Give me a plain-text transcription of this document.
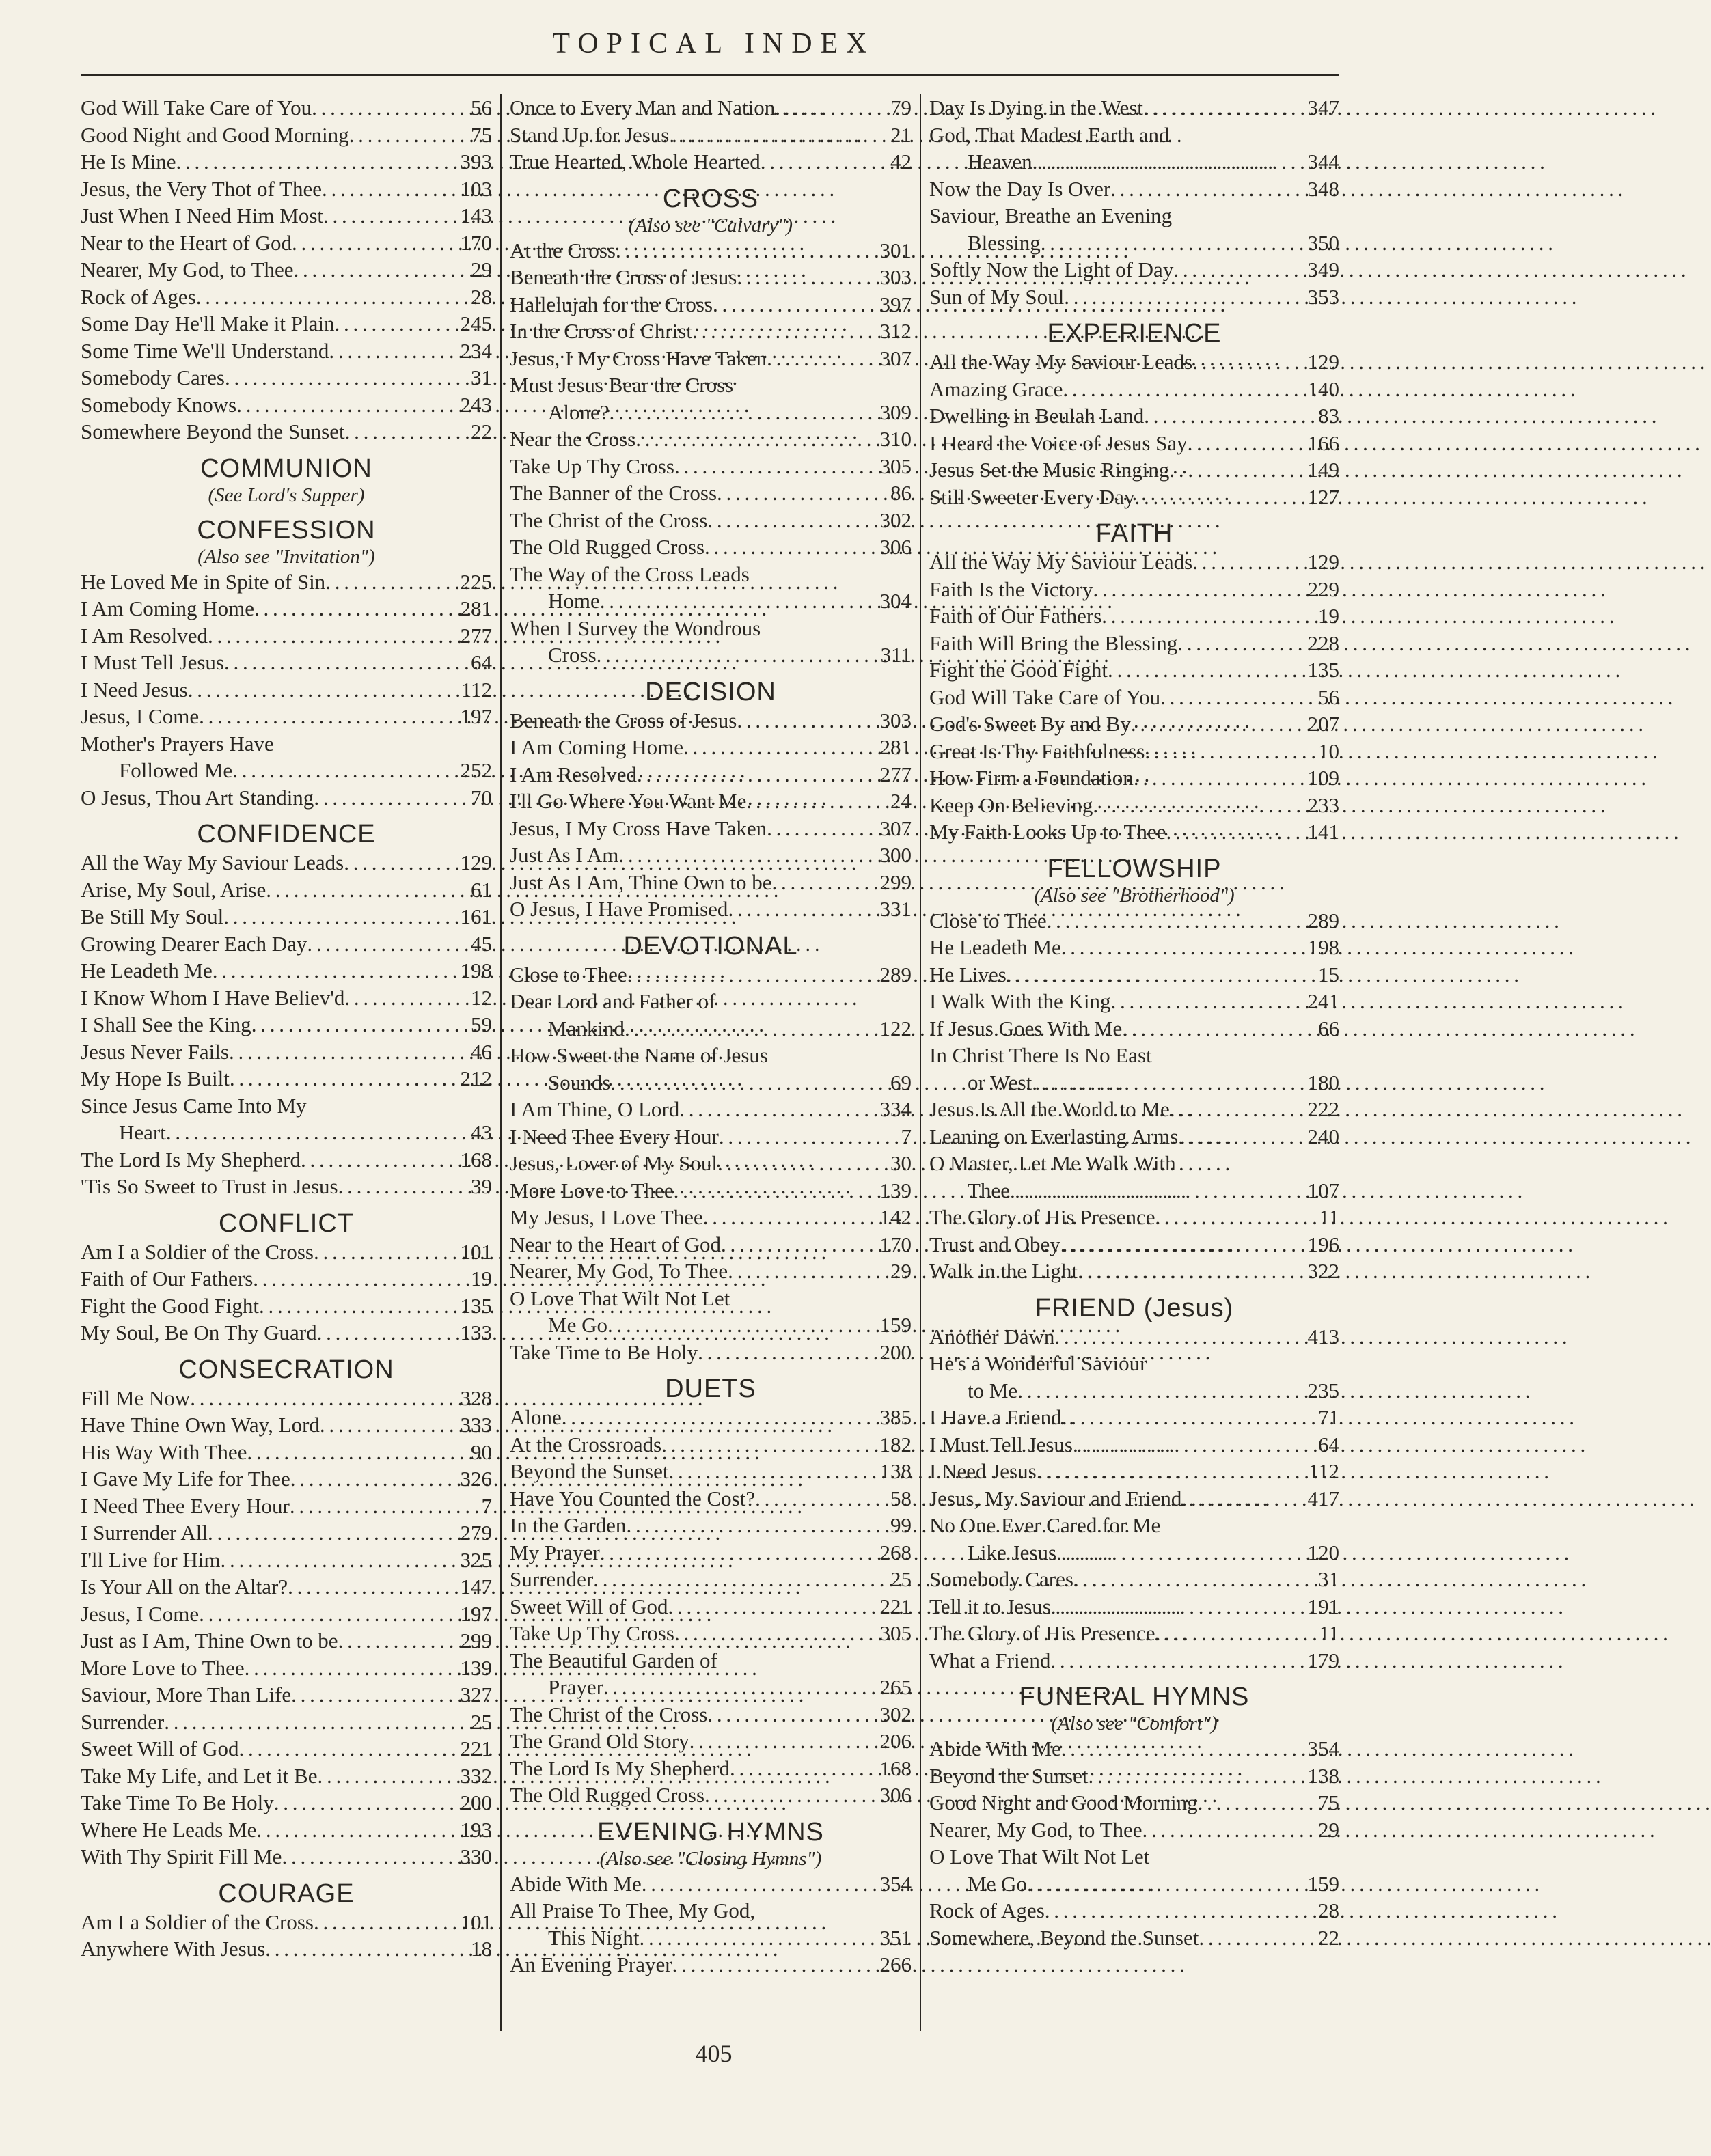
TOPICAL INDEX
God Will Take Care of You . . .	56
Good Night and Good Morning . . .	75
He Is Mine . . .	393
Jesus, the Very Thot of Thee . . .	103
Just When I Need Him Most . . .	143
Near to the Heart of God . . .	170
Nearer, My God, to Thee . . .	29
Rock of Ages . . .	28
Some Day He'll Make it Plain . . .	245
Some Time We'll Understand . . .	234
Somebody Cares . . .	31
Somebody Knows . . .	243
Somewhere Beyond the Sunset . . .	22
COMMUNION
(See Lord's Supper)
CONFESSION
(Also see "Invitation")
He Loved Me in Spite of Sin . . .	225
I Am Coming Home . . .	281
I Am Resolved . . .	277
I Must Tell Jesus . . .	64
I Need Jesus . . .	112
Jesus, I Come . . .	197
Mother's Prayers Have
Followed Me . . .	252
O Jesus, Thou Art Standing . . .	70
CONFIDENCE
All the Way My Saviour Leads . . .	129
Arise, My Soul, Arise . . .	61
Be Still My Soul . . .	161
Growing Dearer Each Day . . .	45
He Leadeth Me . . .	198
I Know Whom I Have Believ'd . . .	12
I Shall See the King . . .	59
Jesus Never Fails . . .	46
My Hope Is Built . . .	212
Since Jesus Came Into My
Heart . . .	43
The Lord Is My Shepherd . . .	168
'Tis So Sweet to Trust in Jesus . . .	39
CONFLICT
Am I a Soldier of the Cross . . .	101
Faith of Our Fathers . . .	19
Fight the Good Fight . . .	135
My Soul, Be On Thy Guard . . .	133
CONSECRATION
Fill Me Now . . .	328
Have Thine Own Way, Lord . . .	333
His Way With Thee . . .	90
I Gave My Life for Thee . . .	326
I Need Thee Every Hour . . .	7
I Surrender All . . .	279
I'll Live for Him . . .	325
Is Your All on the Altar? . . .	147
Jesus, I Come . . .	197
Just as I Am, Thine Own to be . . .	299
More Love to Thee . . .	139
Saviour, More Than Life . . .	327
Surrender . . .	25
Sweet Will of God . . .	221
Take My Life, and Let it Be . . .	332
Take Time To Be Holy . . .	200
Where He Leads Me . . .	193
With Thy Spirit Fill Me . . .	330
COURAGE
Am I a Soldier of the Cross . . .	101
Anywhere With Jesus . . .	18
Once to Every Man and Nation . . .	79
Stand Up for Jesus . . .	21
True Hearted, Whole Hearted . . .	42
CROSS
(Also see "Calvary")
At the Cross . . .	301
Beneath the Cross of Jesus . . .	303
Hallelujah for the Cross . . .	397
In the Cross of Christ . . .	312
Jesus, I My Cross Have Taken . . .	307
Must Jesus Bear the Cross
Alone? . . .	309
Near the Cross . . .	310
Take Up Thy Cross . . .	305
The Banner of the Cross . . .	86
The Christ of the Cross . . .	302
The Old Rugged Cross . . .	306
The Way of the Cross Leads
Home . . .	304
When I Survey the Wondrous
Cross . . .	311
DECISION
Beneath the Cross of Jesus . . .	303
I Am Coming Home . . .	281
I Am Resolved . . .	277
I'll Go Where You Want Me . . .	24
Jesus, I My Cross Have Taken . . .	307
Just As I Am . . .	300
Just As I Am, Thine Own to be . . .	299
O Jesus, I Have Promised . . .	331
DEVOTIONAL
Close to Thee . . .	289
Dear Lord and Father of
Mankind . . .	122
How Sweet the Name of Jesus
Sounds . . .	69
I Am Thine, O Lord . . .	334
I Need Thee Every Hour . . .	7
Jesus, Lover of My Soul . . .	30
More Love to Thee . . .	139
My Jesus, I Love Thee . . .	142
Near to the Heart of God . . .	170
Nearer, My God, To Thee . . .	29
O Love That Wilt Not Let
Me Go . . .	159
Take Time to Be Holy . . .	200
DUETS
Alone . . .	385
At the Crossroads . . .	182
Beyond the Sunset . . .	138
Have You Counted the Cost? . . .	58
In the Garden . . .	99
My Prayer . . .	268
Surrender . . .	25
Sweet Will of God . . .	221
Take Up Thy Cross . . .	305
The Beautiful Garden of
Prayer . . .	265
The Christ of the Cross . . .	302
The Grand Old Story . . .	206
The Lord Is My Shepherd . . .	168
The Old Rugged Cross . . .	306
EVENING HYMNS
(Also see "Closing Hymns")
Abide With Me . . .	354
All Praise To Thee, My God,
This Night . . .	351
An Evening Prayer . . .	266
Day Is Dying in the West . . .	347
God, That Madest Earth and
Heaven . . .	344
Now the Day Is Over . . .	348
Saviour, Breathe an Evening
Blessing . . .	350
Softly Now the Light of Day . . .	349
Sun of My Soul . . .	353
EXPERIENCE
All the Way My Saviour Leads . . .	129
Amazing Grace . . .	140
Dwelling in Beulah Land . . .	83
I Heard the Voice of Jesus Say . . .	166
Jesus Set the Music Ringing . . .	149
Still Sweeter Every Day . . .	127
FAITH
All the Way My Saviour Leads . . .	129
Faith Is the Victory . . .	229
Faith of Our Fathers . . .	19
Faith Will Bring the Blessing . . .	228
Fight the Good Fight . . .	135
God Will Take Care of You . . .	56
God's Sweet By and By . . .	207
Great Is Thy Faithfulness . . .	10
How Firm a Foundation . . .	109
Keep On Believing . . .	233
My Faith Looks Up to Thee . . .	141
FELLOWSHIP
(Also see "Brotherhood")
Close to Thee . . .	289
He Leadeth Me . . .	198
He Lives . . .	15
I Walk With the King . . .	241
If Jesus Goes With Me . . .	66
In Christ There Is No East
or West . . .	180
Jesus Is All the World to Me . . .	222
Leaning on Everlasting Arms . . .	240
O Master, Let Me Walk With
Thee . . .	107
The Glory of His Presence . . .	11
Trust and Obey . . .	196
Walk in the Light . . .	322
FRIEND (Jesus)
Another Dawn . . .	413
He's a Wonderful Saviour
to Me . . .	235
I Have a Friend . . .	71
I Must Tell Jesus . . .	64
I Need Jesus . . .	112
Jesus, My Saviour and Friend . . .	417
No One Ever Cared for Me
Like Jesus . . .	120
Somebody Cares . . .	31
Tell it to Jesus . . .	191
The Glory of His Presence . . .	11
What a Friend . . .	179
FUNERAL HYMNS
(Also see "Comfort")
Abide With Me . . .	354
Beyond the Sunset . . .	138
Good Night and Good Morning . . .	75
Nearer, My God, to Thee . . .	29
O Love That Wilt Not Let
Me Go . . .	159
Rock of Ages . . .	28
Somewhere, Beyond the Sunset . . .	22
405
